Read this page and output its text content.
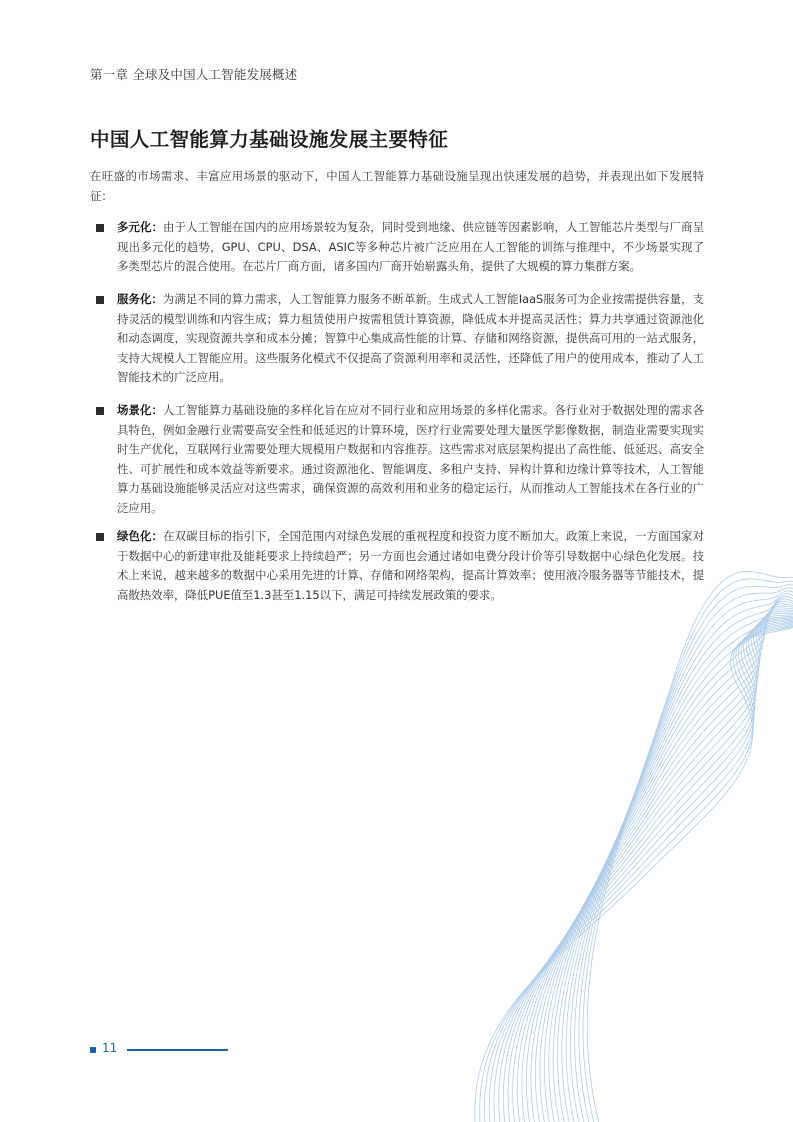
第一章 全球及中国人工智能发展概述
中国人工智能算力基础设施发展主要特征

在旺盛的市场需求、丰富应用场景的驱动下，中国人工智能算力基础设施呈现出快速发展的趋势，并表现出如下发展特征：

多元化：由于人工智能在国内的应用场景较为复杂，同时受到地缘、供应链等因素影响，人工智能芯片类型与厂商呈现出多元化的趋势，GPU、CPU、DSA、ASIC等多种芯片被广泛应用在人工智能的训练与推理中，不少场景实现了多类型芯片的混合使用。在芯片厂商方面，诸多国内厂商开始崭露头角，提供了大规模的算力集群方案。

服务化：为满足不同的算力需求，人工智能算力服务不断革新。生成式人工智能IaaS服务可为企业按需提供容量，支持灵活的模型训练和内容生成；算力租赁使用户按需租赁计算资源，降低成本并提高灵活性；算力共享通过资源池化和动态调度，实现资源共享和成本分摊；智算中心集成高性能的计算、存储和网络资源，提供高可用的一站式服务，支持大规模人工智能应用。这些服务化模式不仅提高了资源利用率和灵活性，还降低了用户的使用成本，推动了人工智能技术的广泛应用。

场景化：人工智能算力基础设施的多样化旨在应对不同行业和应用场景的多样化需求。各行业对于数据处理的需求各具特色，例如金融行业需要高安全性和低延迟的计算环境，医疗行业需要处理大量医学影像数据，制造业需要实现实时生产优化，互联网行业需要处理大规模用户数据和内容推荐。这些需求对底层架构提出了高性能、低延迟、高安全性、可扩展性和成本效益等新要求。通过资源池化、智能调度、多租户支持、异构计算和边缘计算等技术，人工智能算力基础设施能够灵活应对这些需求，确保资源的高效利用和业务的稳定运行，从而推动人工智能技术在各行业的广泛应用。

绿色化：在双碳目标的指引下，全国范围内对绿色发展的重视程度和投资力度不断加大。政策上来说，一方面国家对于数据中心的新建审批及能耗要求上持续趋严；另一方面也会通过诸如电费分段计价等引导数据中心绿色化发展。技术上来说，越来越多的数据中心采用先进的计算、存储和网络架构，提高计算效率；使用液冷服务器等节能技术，提高散热效率，降低PUE值至1.3甚至1.15以下，满足可持续发展政策的要求。

11
